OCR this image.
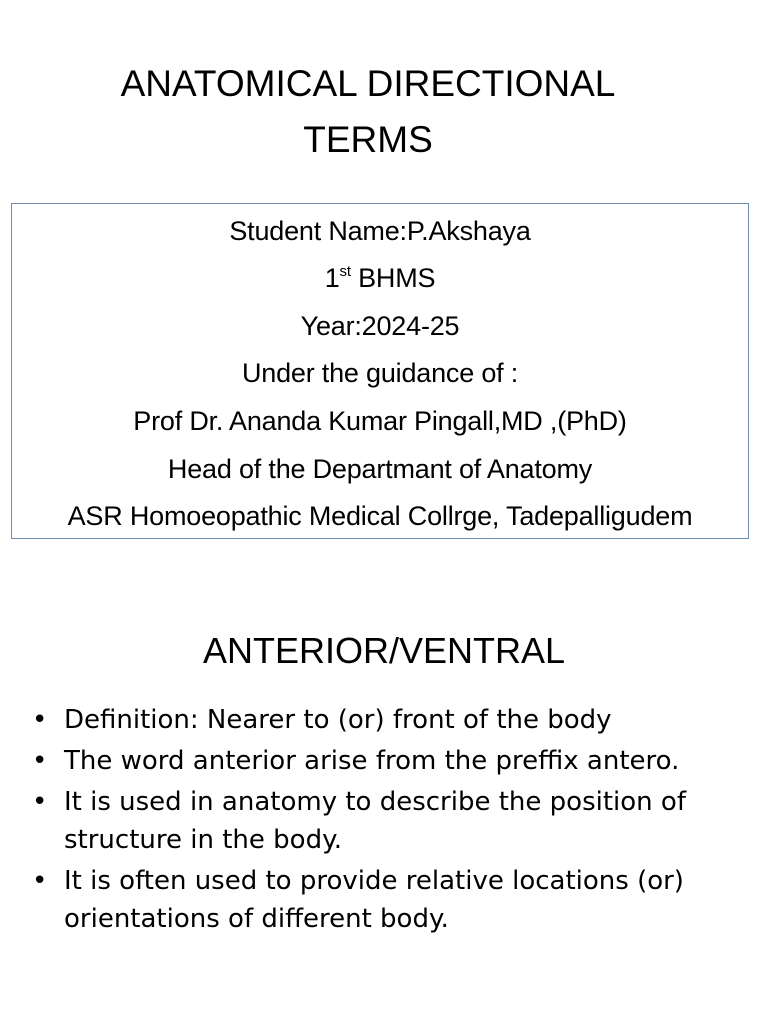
ANATOMICAL DIRECTIONAL
TERMS

Student Name:P.Akshaya

1st BHMS

Year:2024-25

Under the guidance of :

Prof Dr. Ananda Kumar Pingall,MD ,(PhD)

Head of the Departmant of Anatomy

ASR Homoeopathic Medical Collrge, Tadepalligudem

ANTERIOR/VENTRAL
• Definition: Nearer to (or) front of the body
• The word anterior arise from the preffix antero.
• It is used in anatomy to describe the position of structure in the body.
• It is often used to provide relative locations (or) orientations of different body.
